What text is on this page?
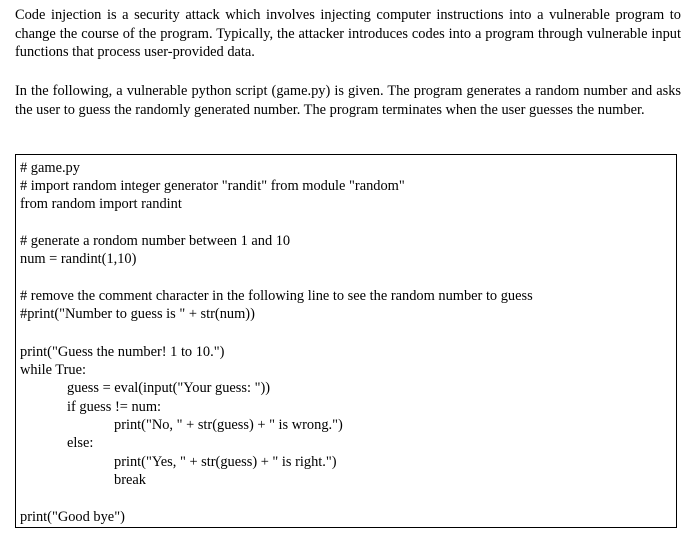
Code injection is a security attack which involves injecting computer instructions into a vulnerable program to change the course of the program. Typically, the attacker introduces codes into a program through vulnerable input functions that process user-provided data.

In the following, a vulnerable python script (game.py) is given. The program generates a random number and asks the user to guess the randomly generated number. The program terminates when the user guesses the number.

# game.py
# import random integer generator "randit" from module "random"
from random import randint
# generate a rondom number between 1 and 10
num = randint(1,10)
# remove the comment character in the following line to see the random number to guess
#print("Number to guess is " + str(num))
print("Guess the number! 1 to 10.")
while True:
guess = eval(input("Your guess: "))
if guess != num:
print("No, " + str(guess) + " is wrong.")
else:
print("Yes, " + str(guess) + " is right.")
break
print("Good bye")
